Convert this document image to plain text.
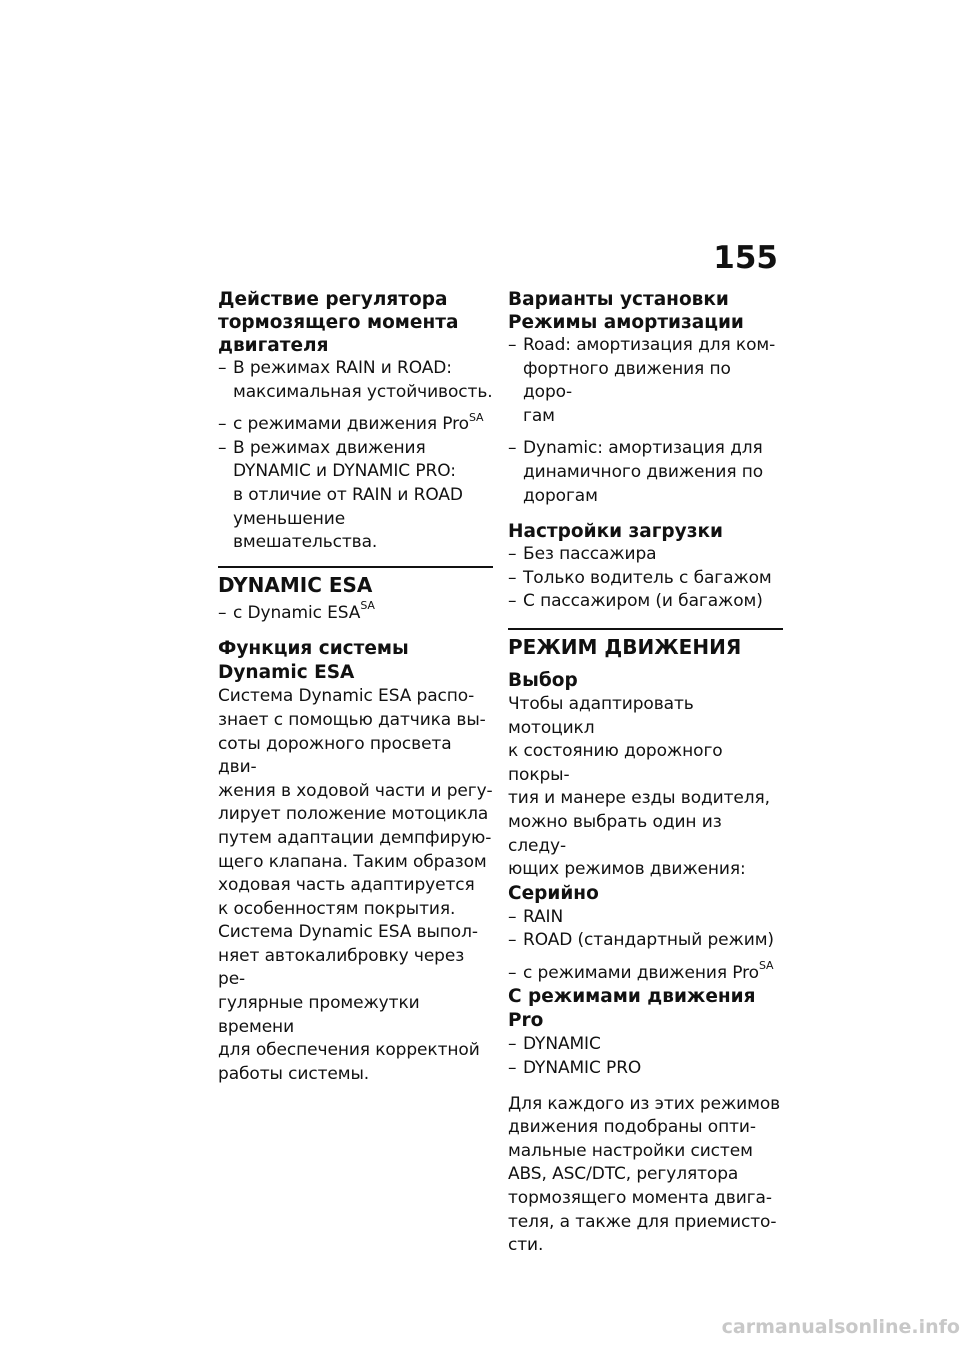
155
Действие регулятора
тормозящего момента
двигателя
– В режимах RAIN и ROAD:
максимальная устойчивость.
– с режимами движения Pro$^{SA}$
– В режимах движения
DYNAMIC и DYNAMIC PRO:
в отличие от RAIN и ROAD
уменьшение вмешательства.
DYNAMIC ESA
– с Dynamic $ESA^{SA}$
Функция системы
Dynamic ESA
Система Dynamic ESA распо-
знает с помощью датчика вы-
соты дорожного просвета дви-
жения в ходовой части и регу-
лирует положение мотоцикла
путем адаптации демпфирую-
щего клапана. Таким образом
ходовая часть адаптируется
к особенностям покрытия.
Система Dynamic ESA выпол-
няет автокалибровку через ре-
гулярные промежутки времени
для обеспечения корректной
работы системы.
Варианты установки
Режимы амортизации
– Road: амортизация для ком-
фортного движения по доро-
гам
– Dynamic: амортизация для
динамичного движения по
дорогам
Настройки загрузки
– Без пассажира
– Только водитель с багажом
– С пассажиром (и багажом)
РЕЖИМ ДВИЖЕНИЯ
Выбор
Чтобы адаптировать мотоцикл
к состоянию дорожного покры-
тия и манере езды водителя,
можно выбрать один из следу-
ющих режимов движения:
Серийно
– RAIN
– ROAD (стандартный режим)
– с режимами движения Pro$^{SA}$
С режимами движения Pro
– DYNAMIC
– DYNAMIC PRO
Для каждого из этих режимов
движения подобраны опти-
мальные настройки систем
ABS, ASC/DTC, регулятора
тормозящего момента двига-
теля, а также для приемисто-
сти.
carmanualsonline.info
